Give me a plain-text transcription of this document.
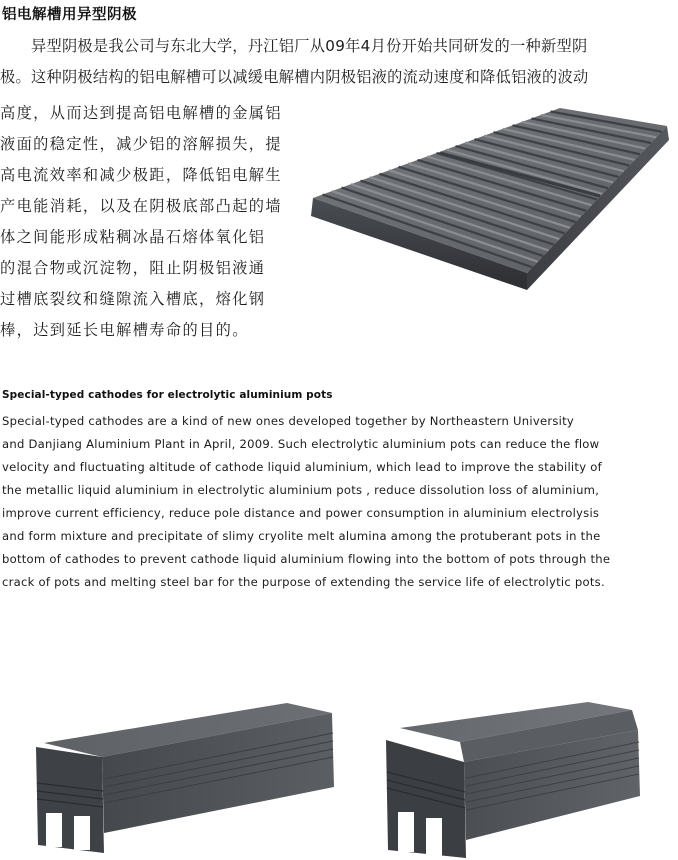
铝电解槽用异型阴极
　　异型阴极是我公司与东北大学，丹江铝厂从09年4月份开始共同研发的一种新型阴
极。这种阴极结构的铝电解槽可以减缓电解槽内阴极铝液的流动速度和降低铝液的波动
高度，从而达到提高铝电解槽的金属铝
液面的稳定性，减少铝的溶解损失，提
高电流效率和减少极距，降低铝电解生
产电能消耗，以及在阴极底部凸起的墙
体之间能形成粘稠冰晶石熔体氧化铝
的混合物或沉淀物，阻止阴极铝液通
过槽底裂纹和缝隙流入槽底，熔化钢
棒，达到延长电解槽寿命的目的。
Special-typed cathodes for electrolytic aluminium pots
Special-typed cathodes are a kind of new ones developed together by Northeastern University
and Danjiang Aluminium Plant in April, 2009. Such electrolytic aluminium pots can reduce the flow
velocity and fluctuating altitude of cathode liquid aluminium, which lead to improve the stability of
the metallic liquid aluminium in electrolytic aluminium pots , reduce dissolution loss of aluminium,
improve current efficiency, reduce pole distance and power consumption in aluminium electrolysis
and form mixture and precipitate of slimy cryolite melt alumina among the protuberant pots in the
bottom of cathodes to prevent cathode liquid aluminium flowing into the bottom of pots through the
crack of pots and melting steel bar for the purpose of extending the service life of electrolytic pots.
